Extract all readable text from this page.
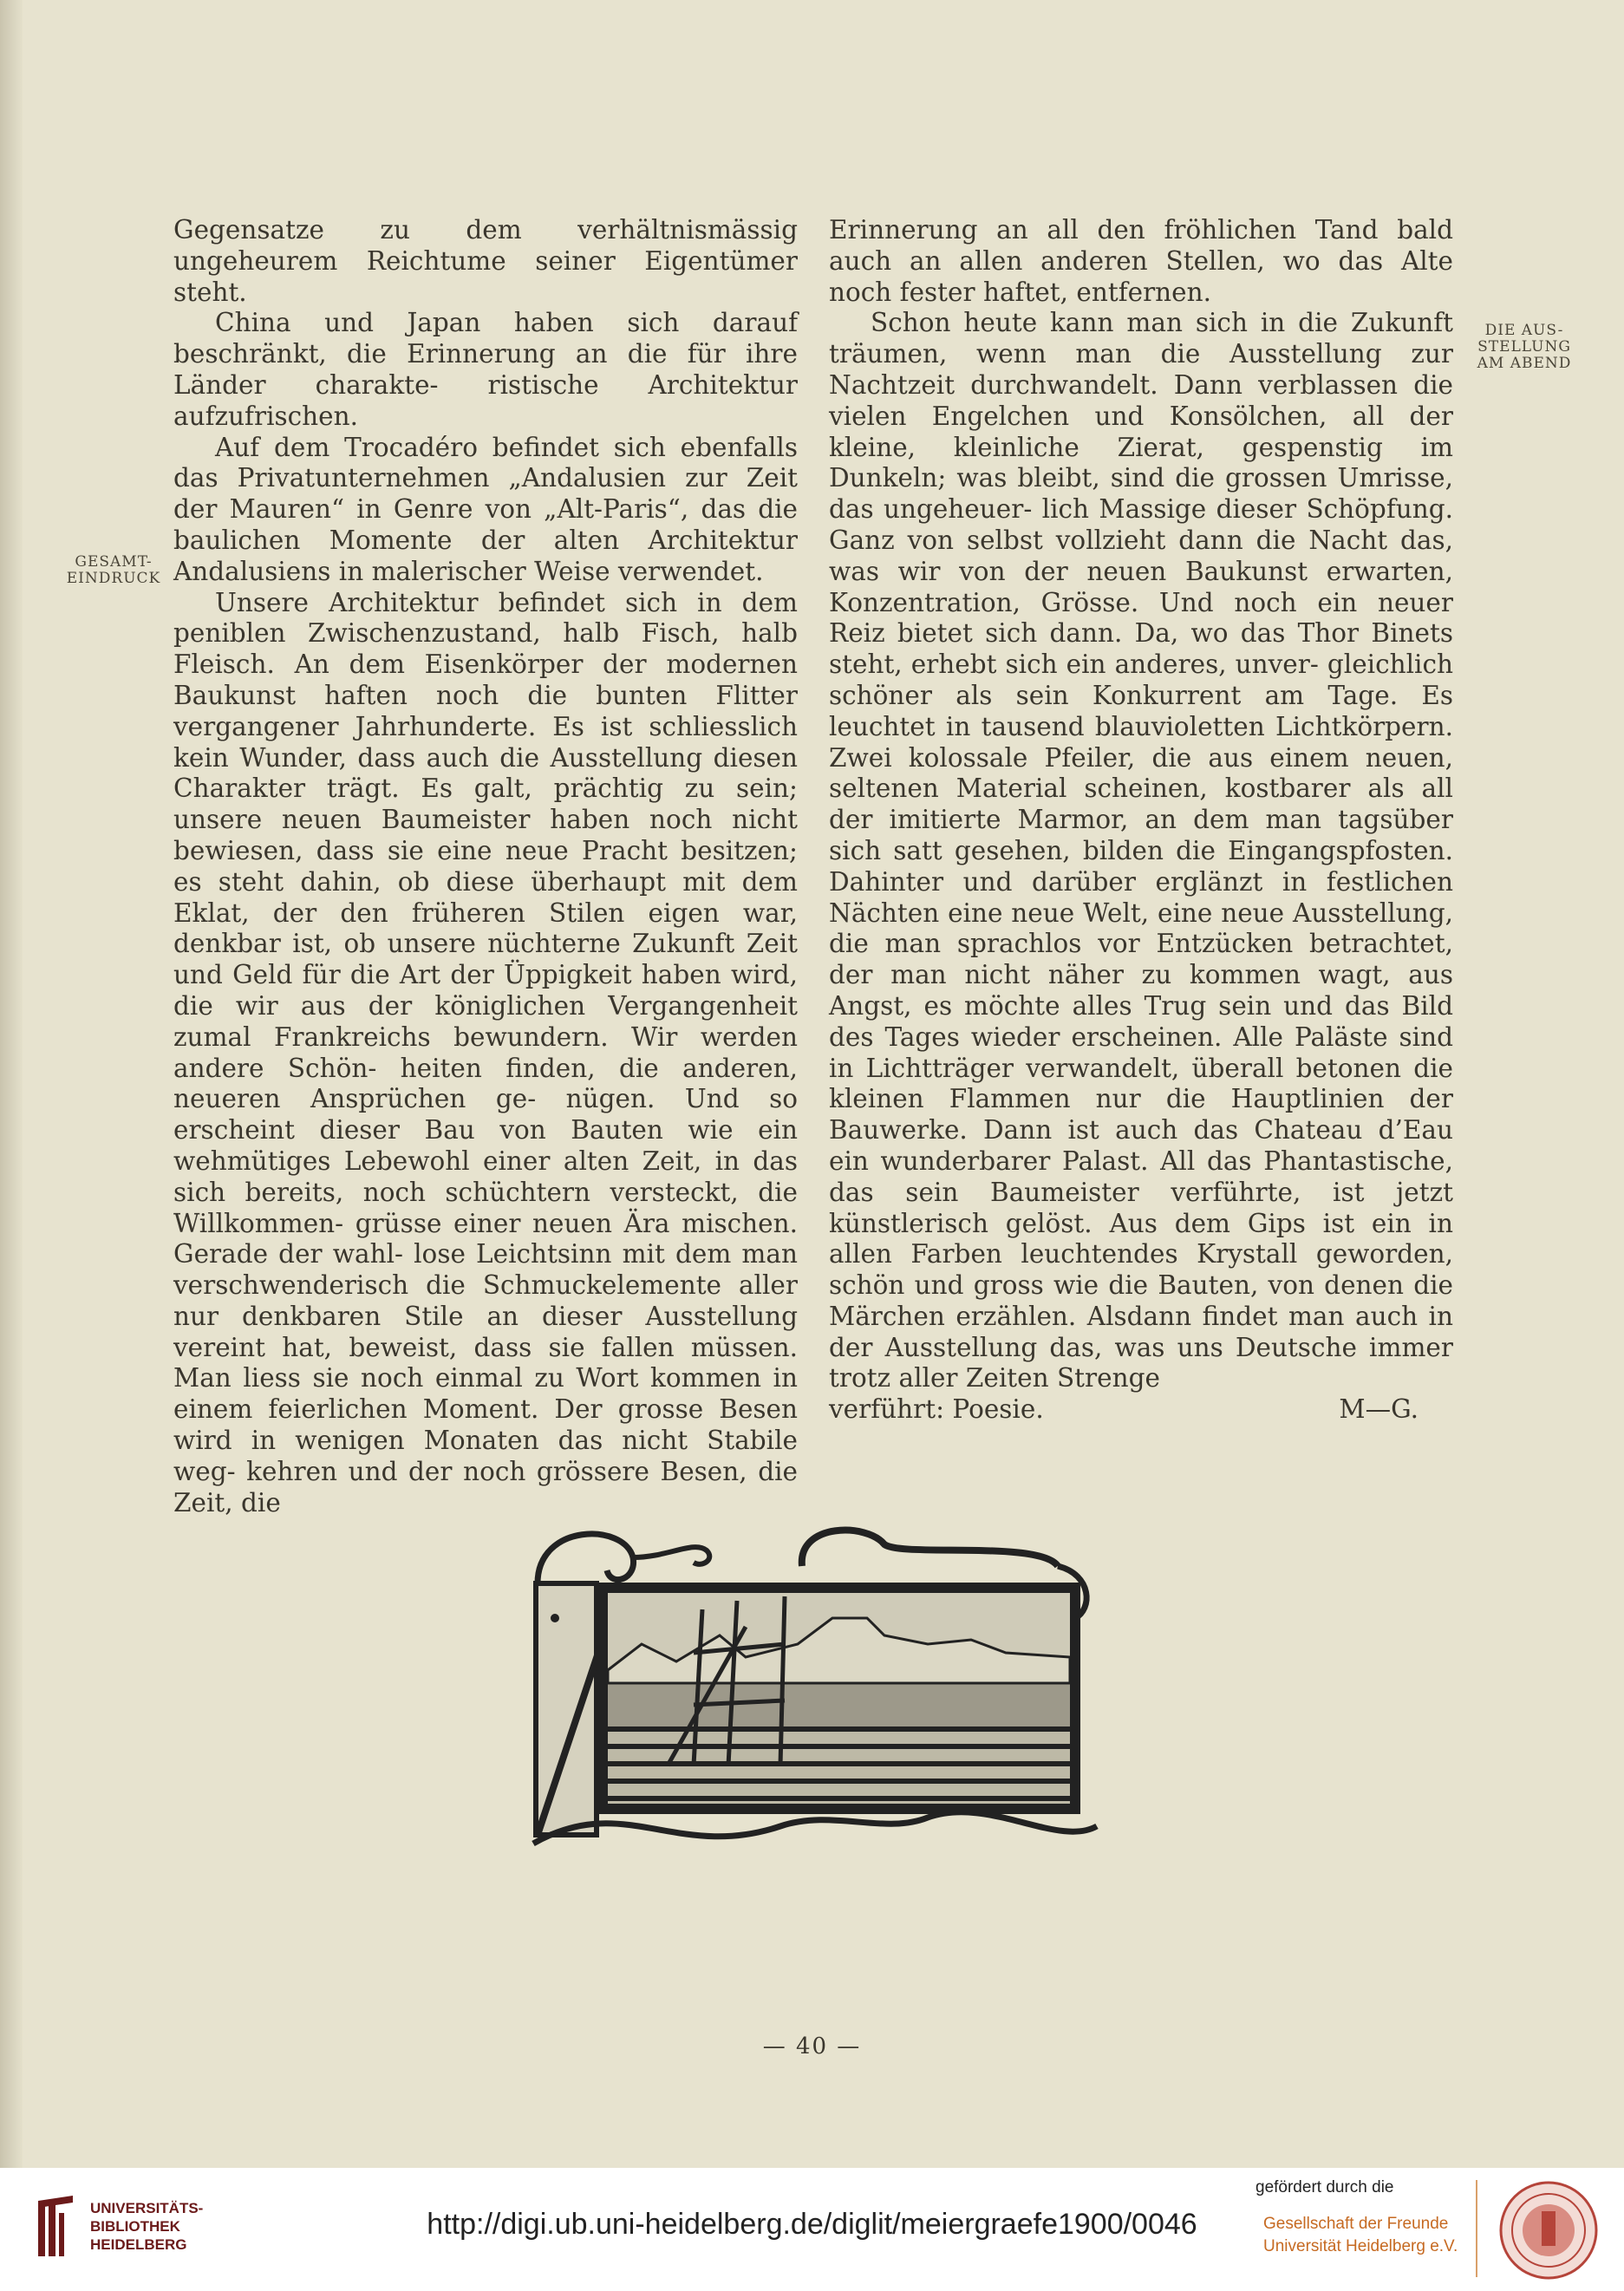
GESAMT-
EINDRUCK
DIE AUS-
STELLUNG
AM ABEND

Gegensatze zu dem verhältnismässig ungeheurem Reichtume seiner Eigentümer steht.

China und Japan haben sich darauf beschränkt, die Erinnerung an die für ihre Länder charakte- ristische Architektur aufzufrischen.

Auf dem Trocadéro befindet sich ebenfalls das Privatunternehmen „Andalusien zur Zeit der Mauren“ in Genre von „Alt-Paris“, das die baulichen Momente der alten Architektur Andalusiens in malerischer Weise verwendet.

Unsere Architektur befindet sich in dem peniblen Zwischenzustand, halb Fisch, halb Fleisch. An dem Eisenkörper der modernen Baukunst haften noch die bunten Flitter vergangener Jahrhunderte. Es ist schliesslich kein Wunder, dass auch die Ausstellung diesen Charakter trägt. Es galt, prächtig zu sein; unsere neuen Baumeister haben noch nicht bewiesen, dass sie eine neue Pracht besitzen; es steht dahin, ob diese überhaupt mit dem Eklat, der den früheren Stilen eigen war, denkbar ist, ob unsere nüchterne Zukunft Zeit und Geld für die Art der Üppigkeit haben wird, die wir aus der königlichen Vergangenheit zumal Frankreichs bewundern. Wir werden andere Schön- heiten finden, die anderen, neueren Ansprüchen ge- nügen. Und so erscheint dieser Bau von Bauten wie ein wehmütiges Lebewohl einer alten Zeit, in das sich bereits, noch schüchtern versteckt, die Willkommen- grüsse einer neuen Ära mischen. Gerade der wahl- lose Leichtsinn mit dem man verschwenderisch die Schmuckelemente aller nur denkbaren Stile an dieser Ausstellung vereint hat, beweist, dass sie fallen müssen. Man liess sie noch einmal zu Wort kommen in einem feierlichen Moment. Der grosse Besen wird in wenigen Monaten das nicht Stabile weg- kehren und der noch grössere Besen, die Zeit, die

Erinnerung an all den fröhlichen Tand bald auch an allen anderen Stellen, wo das Alte noch fester haftet, entfernen.

Schon heute kann man sich in die Zukunft träumen, wenn man die Ausstellung zur Nachtzeit durchwandelt. Dann verblassen die vielen Engelchen und Konsölchen, all der kleine, kleinliche Zierat, gespenstig im Dunkeln; was bleibt, sind die grossen Umrisse, das ungeheuer- lich Massige dieser Schöpfung. Ganz von selbst vollzieht dann die Nacht das, was wir von der neuen Baukunst erwarten, Konzentration, Grösse. Und noch ein neuer Reiz bietet sich dann. Da, wo das Thor Binets steht, erhebt sich ein anderes, unver- gleichlich schöner als sein Konkurrent am Tage. Es leuchtet in tausend blauvioletten Lichtkörpern. Zwei kolossale Pfeiler, die aus einem neuen, seltenen Material scheinen, kostbarer als all der imitierte Marmor, an dem man tagsüber sich satt gesehen, bilden die Eingangspfosten. Dahinter und darüber erglänzt in festlichen Nächten eine neue Welt, eine neue Ausstellung, die man sprachlos vor Entzücken betrachtet, der man nicht näher zu kommen wagt, aus Angst, es möchte alles Trug sein und das Bild des Tages wieder erscheinen. Alle Paläste sind in Lichtträger verwandelt, überall betonen die kleinen Flammen nur die Hauptlinien der Bauwerke. Dann ist auch das Chateau d’Eau ein wunderbarer Palast. All das Phantastische, das sein Baumeister verführte, ist jetzt künstlerisch gelöst. Aus dem Gips ist ein in allen Farben leuchtendes Krystall geworden, schön und gross wie die Bauten, von denen die Märchen erzählen. Alsdann findet man auch in der Ausstellung das, was uns Deutsche immer trotz aller Zeiten Strenge

verführt: Poesie.	M—G.
— 40 —
UNIVERSITÄTS-
BIBLIOTHEK
HEIDELBERG
http://digi.ub.uni-heidelberg.de/diglit/meiergraefe1900/0046
gefördert durch die
Gesellschaft der Freunde
Universität Heidelberg e.V.
